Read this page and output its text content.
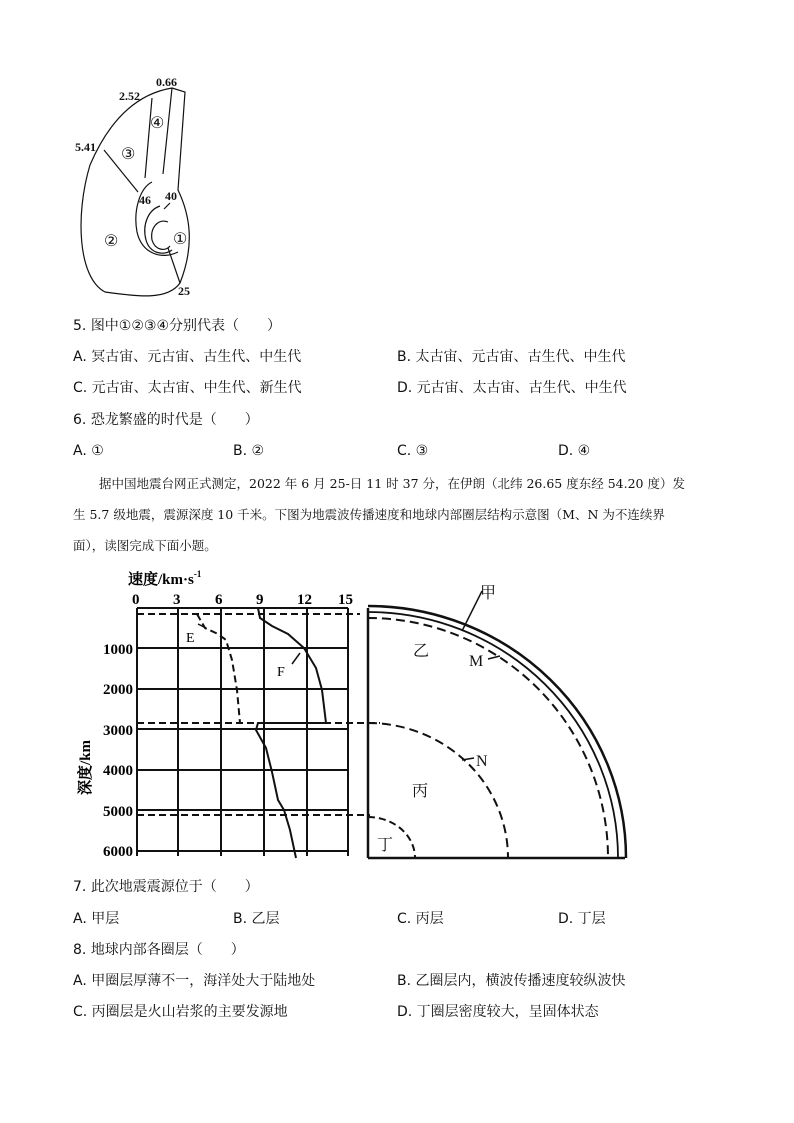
0.66
2.52
5.41
40
46
25
④
③
②	①
5. 图中①②③④分别代表（　　）
A. 冥古宙、元古宙、古生代、中生代	B. 太古宙、元古宙、古生代、中生代
C. 元古宙、太古宙、中生代、新生代	D. 元古宙、太古宙、古生代、中生代
6. 恐龙繁盛的时代是（　　）
A. ①	B. ②	C. ③	D. ④

据中国地震台网正式测定，2022 年 6 月 25-日 11 时 37 分，在伊朗（北纬 26.65 度东经 54.20 度）发

生 5.7 级地震，震源深度 10 千米。下图为地震波传播速度和地球内部圈层结构示意图（M、N 为不连续界

面），读图完成下面小题。

速度$/km\cdot s^{-1}$
深度/km
0 3 6 9 12 15
1000
2000
3000
4000
5000
6000
E
F
甲
M
乙
N
丙
丁
7. 此次地震震源位于（　　）
A. 甲层	B. 乙层	C. 丙层	D. 丁层
8. 地球内部各圈层（　　）
A. 甲圈层厚薄不一，海洋处大于陆地处	B. 乙圈层内，横波传播速度较纵波快
C. 丙圈层是火山岩浆的主要发源地	D. 丁圈层密度较大，呈固体状态
